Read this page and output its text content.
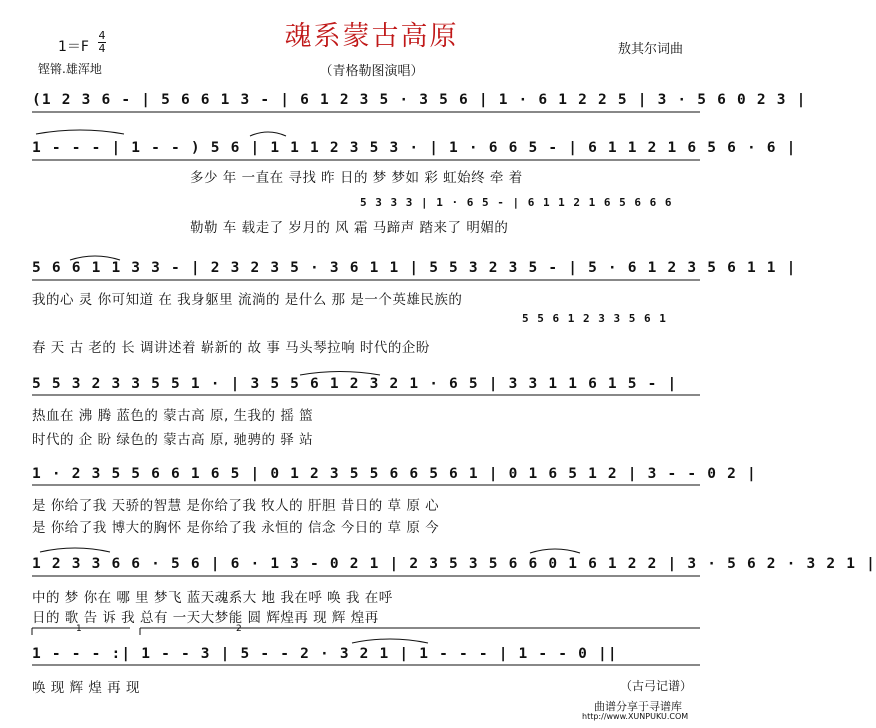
魂系蒙古高原
（青格勒图演唱）
1＝F
4
4
铿锵.雄浑地
敖其尔词曲
(1 2 3 6 - | 5 6 6 1 3 - | 6 1 2 3 5 · 3 5 6 | 1 · 6 1 2 2 5 | 3 · 5 6 0 2 3 |
1 - - - | 1 - - ) 5 6 | 1 1 1 2 3 5 3 · | 1 · 6 6 5 - | 6 1 1 2 1 6 5 6 · 6 |
多少 年 一直在 寻找 昨 日的 梦 梦如 彩 虹始终 牵 着
5 3 3 3 | 1 · 6 5 - | 6 1 1 2 1 6 5 6 6 6
勒勒 车 载走了 岁月的 风 霜 马蹄声 踏来了 明媚的
5 6 6 1 1 3 3 - | 2 3 2 3 5 · 3 6 1 1 | 5 5 3 2 3 5 - | 5 · 6 1 2 3 5 6 1 1 |
我的心 灵 你可知道 在 我身躯里 流淌的 是什么 那 是一个英雄民族的
5 5 6 1 2 3 3 5 6 1
春 天 古 老的 长 调讲述着 崭新的 故 事 马头琴拉响 时代的企盼
5 5 3 2 3 3 5 5 1 · | 3 5 5 6 1 2 3 2 1 · 6 5 | 3 3 1 1 6 1 5 - |
热血在 沸 腾 蓝色的 蒙古高 原, 生我的 摇 篮
时代的 企 盼 绿色的 蒙古高 原, 驰骋的 驿 站
1 · 2 3 5 5 6 6 1 6 5 | 0 1 2 3 5 5 6 6 5 6 1 | 0 1 6 5 1 2 | 3 - - 0 2 |
是 你给了我 天骄的智慧 是你给了我 牧人的 肝胆 昔日的 草 原 心
是 你给了我 博大的胸怀 是你给了我 永恒的 信念 今日的 草 原 今
1 2 3 3 6 6 · 5 6 | 6 · 1 3 - 0 2 1 | 2 3 5 3 5 6 6 0 1 6 1 2 2 | 3 · 5 6 2 · 3 2 1 |
中的 梦 你在 哪 里 梦飞 蓝天魂系大 地 我在呼 唤 我 在呼
日的 歌 告 诉 我 总有 一天大梦能 圆 辉煌再 现 辉 煌再
1	2
1 - - - :| 1 - - 3 | 5 - - 2 · 3 2 1 | 1 - - - | 1 - - 0 ||
唤 现 辉 煌 再 现	（古弓记谱）
曲谱分享于寻谱库
http://www.XUNPUKU.COM
